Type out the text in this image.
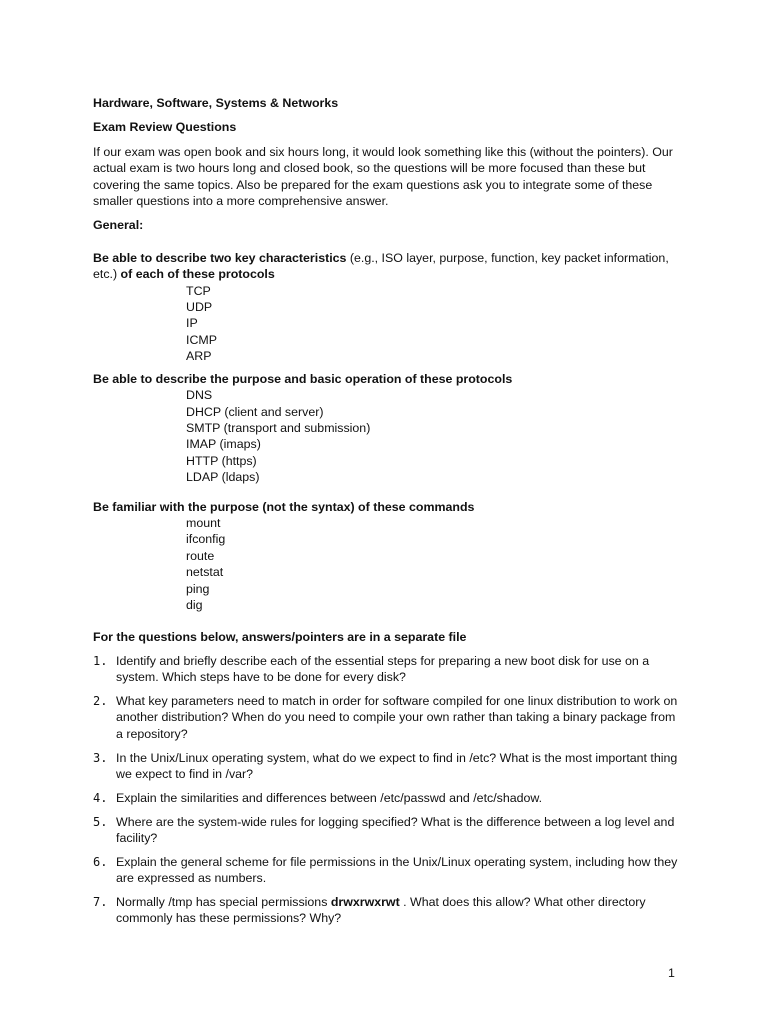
Hardware, Software, Systems & Networks

Exam Review Questions

If our exam was open book and six hours long, it would look something like this (without the pointers). Our actual exam is two hours long and closed book, so the questions will be more focused than these but covering the same topics. Also be prepared for the exam questions ask you to integrate some of these smaller questions into a more comprehensive answer.

General:

Be able to describe two key characteristics (e.g., ISO layer, purpose, function, key packet information, etc.) of each of these protocols

TCP
UDP
IP
ICMP
ARP

Be able to describe the purpose and basic operation of these protocols

DNS
DHCP (client and server)
SMTP (transport and submission)
IMAP (imaps)
HTTP (https)
LDAP (ldaps)

Be familiar with the purpose (not the syntax) of these commands

mount
ifconfig
route
netstat
ping
dig

For the questions below, answers/pointers are in a separate file

1. Identify and briefly describe each of the essential steps for preparing a new boot disk for use on a system. Which steps have to be done for every disk?
2. What key parameters need to match in order for software compiled for one linux distribution to work on another distribution? When do you need to compile your own rather than taking a binary package from a repository?
3. In the Unix/Linux operating system, what do we expect to find in /etc? What is the most important thing we expect to find in /var?
4. Explain the similarities and differences between /etc/passwd and /etc/shadow.
5. Where are the system-wide rules for logging specified? What is the difference between a log level and facility?
6. Explain the general scheme for file permissions in the Unix/Linux operating system, including how they are expressed as numbers.
7. Normally /tmp has special permissions drwxrwxrwt . What does this allow? What other directory commonly has these permissions? Why?
1
